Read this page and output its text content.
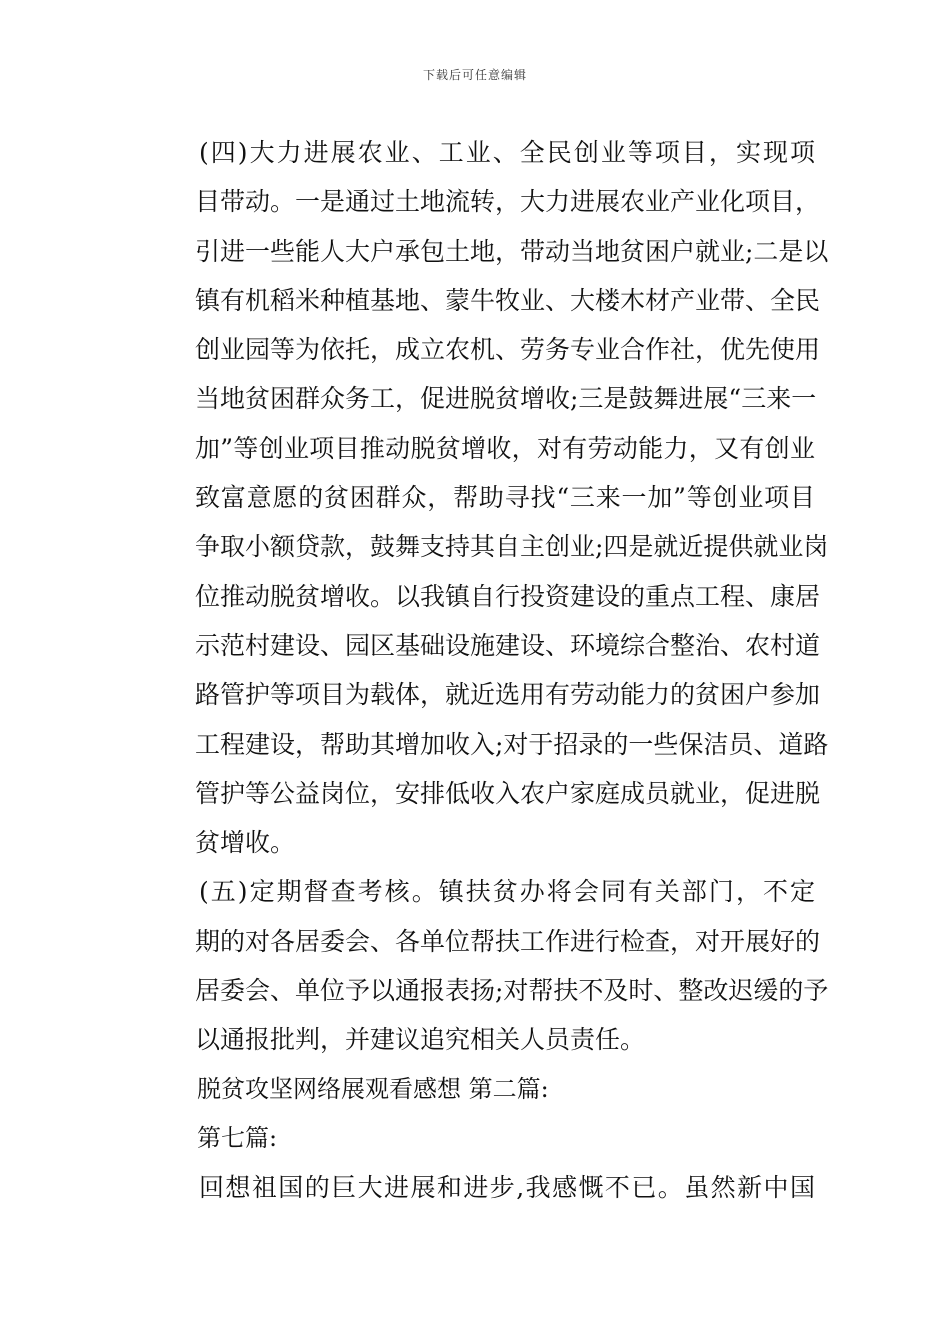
下载后可任意编辑
(四)大力进展农业、工业、全民创业等项目，实现项
目带动。一是通过土地流转，大力进展农业产业化项目，
引进一些能人大户承包土地，带动当地贫困户就业;二是以
镇有机稻米种植基地、蒙牛牧业、大楼木材产业带、全民
创业园等为依托，成立农机、劳务专业合作社，优先使用
当地贫困群众务工，促进脱贫增收;三是鼓舞进展“三来一
加”等创业项目推动脱贫增收，对有劳动能力，又有创业
致富意愿的贫困群众，帮助寻找“三来一加”等创业项目
争取小额贷款，鼓舞支持其自主创业;四是就近提供就业岗
位推动脱贫增收。以我镇自行投资建设的重点工程、康居
示范村建设、园区基础设施建设、环境综合整治、农村道
路管护等项目为载体，就近选用有劳动能力的贫困户参加
工程建设，帮助其增加收入;对于招录的一些保洁员、道路
管护等公益岗位，安排低收入农户家庭成员就业，促进脱
贫增收。
(五)定期督查考核。镇扶贫办将会同有关部门，不定
期的对各居委会、各单位帮扶工作进行检查，对开展好的
居委会、单位予以通报表扬;对帮扶不及时、整改迟缓的予
以通报批判，并建议追究相关人员责任。
脱贫攻坚网络展观看感想 第二篇:
第七篇:
回想祖国的巨大进展和进步,我感慨不已。虽然新中国
